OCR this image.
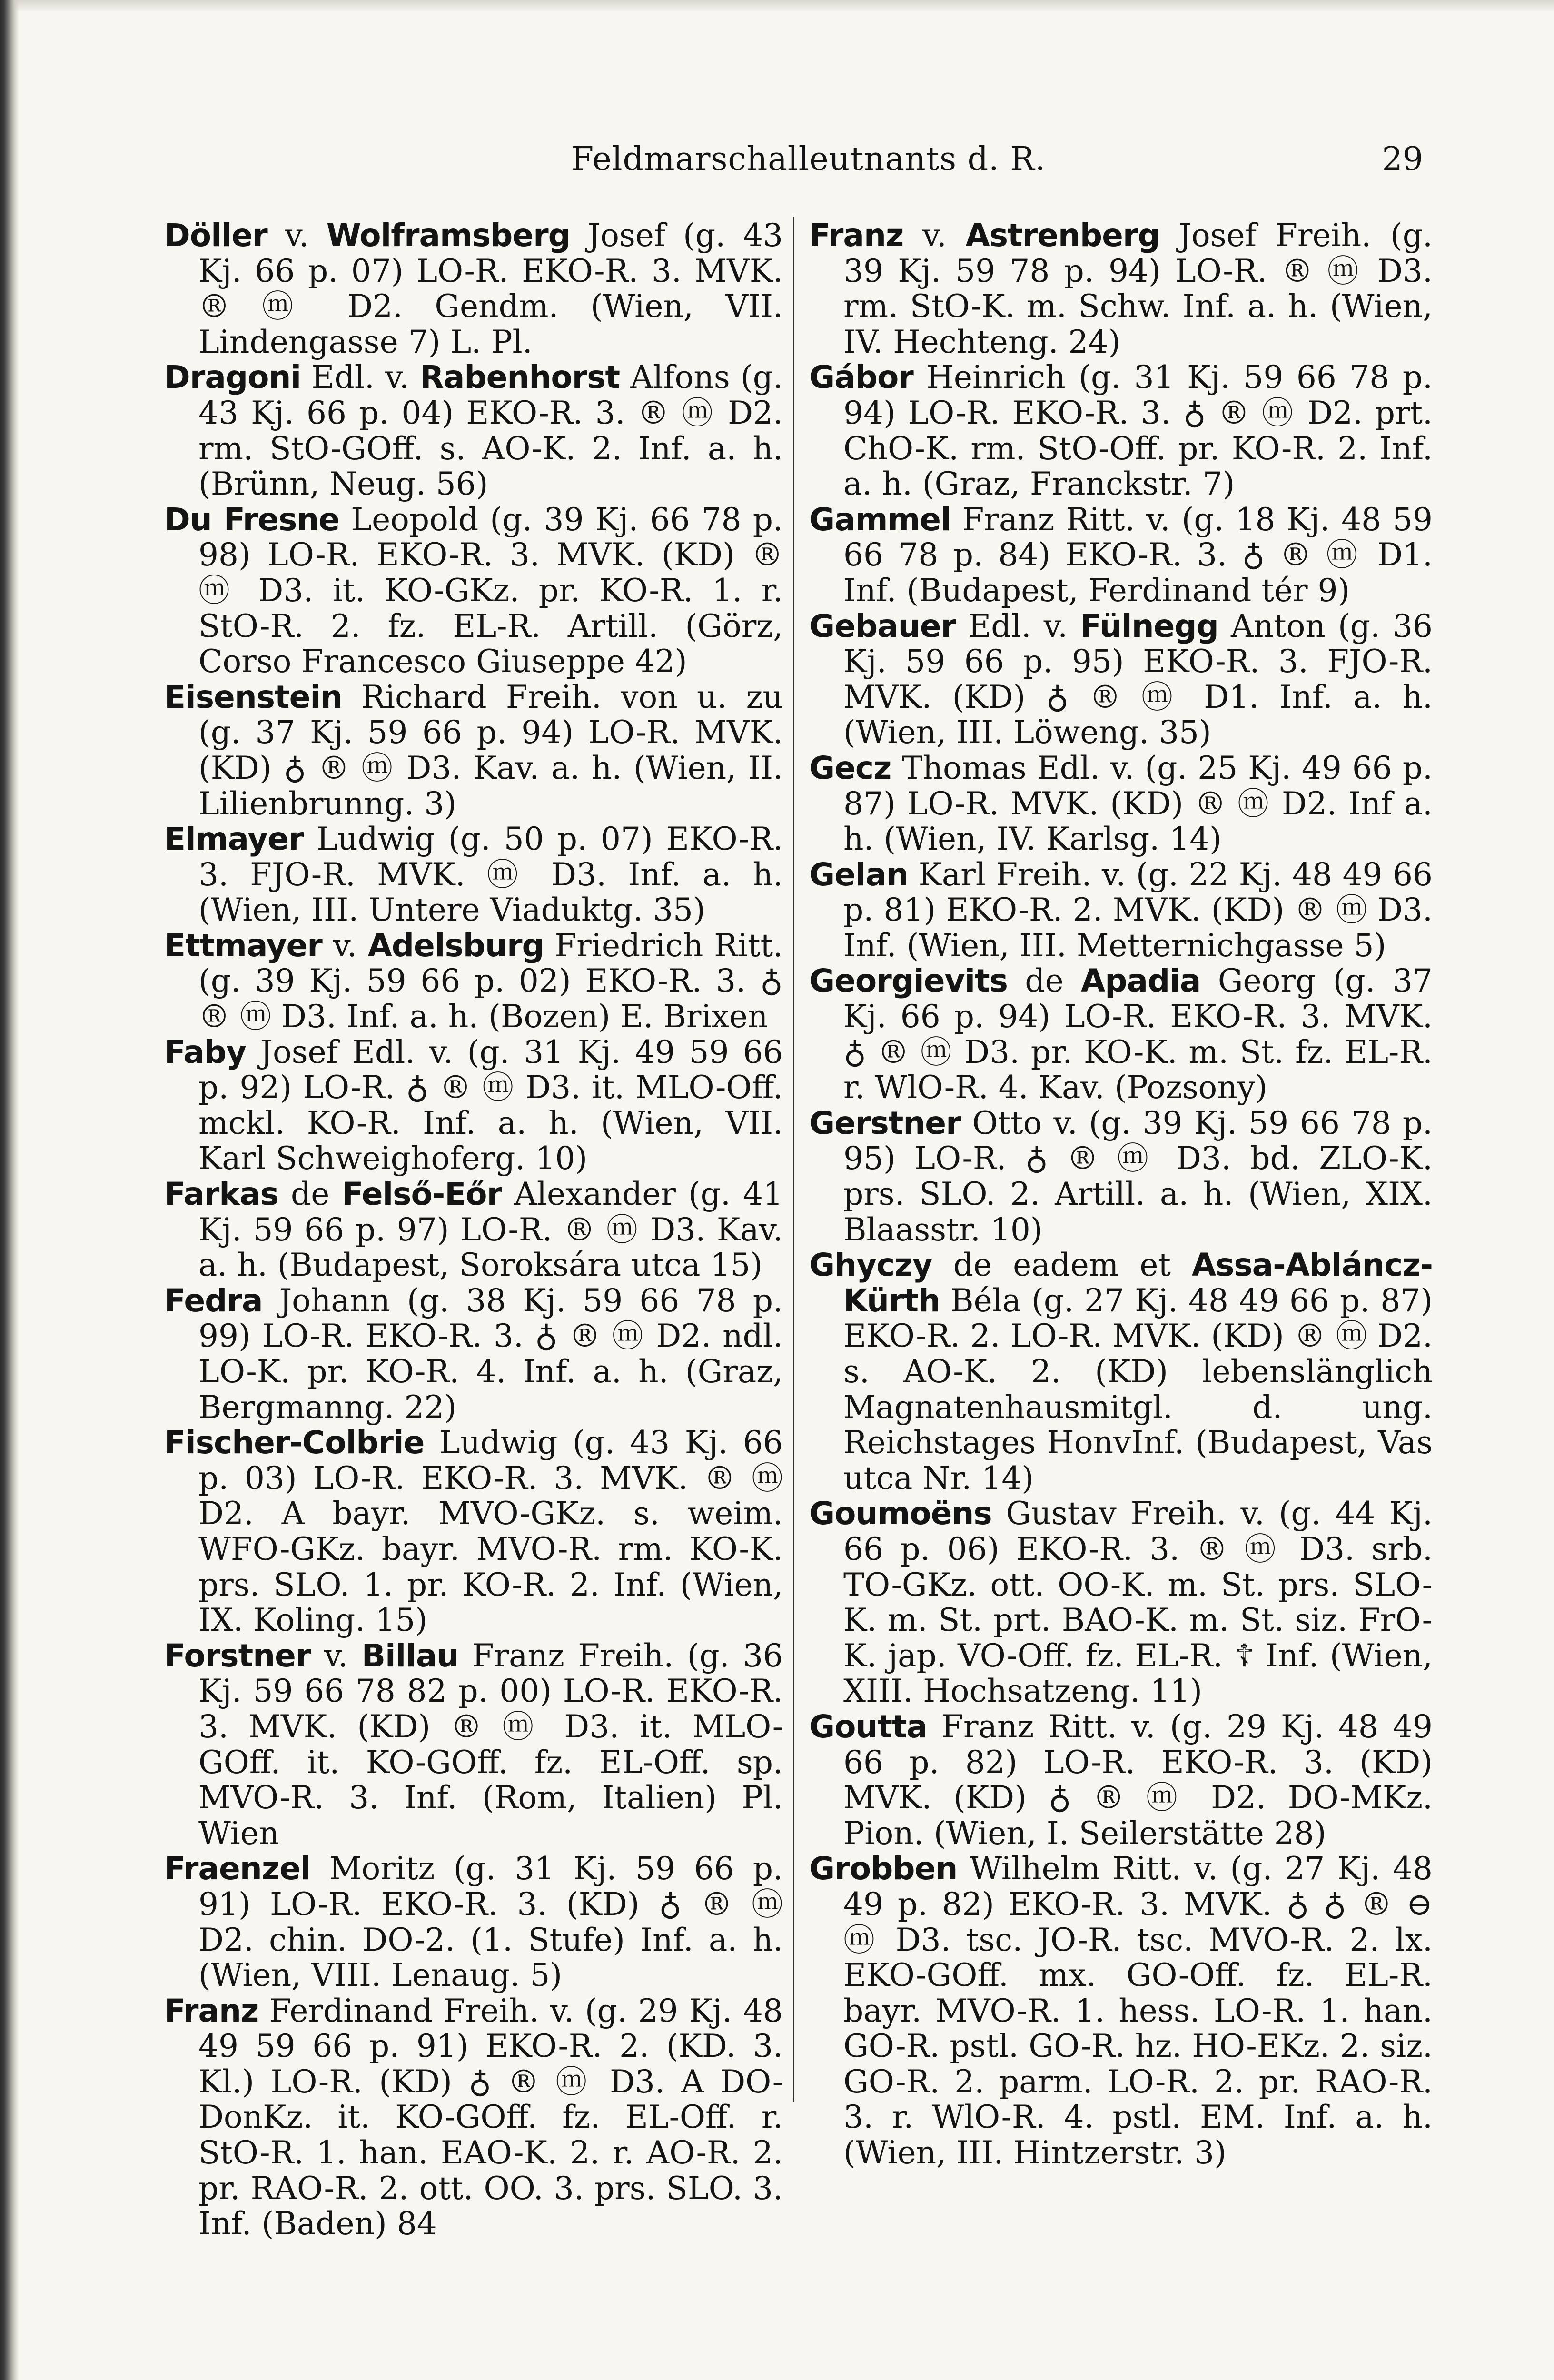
Feldmarschalleutnants d. R.	29

Döller v. Wolframsberg Josef (g. 43 Kj. 66 p. 07) LO-R. EKO-R. 3. MVK. ® ⓜ D2. Gendm. (Wien, VII. Lindengasse 7) L. Pl.

Dragoni Edl. v. Rabenhorst Alfons (g. 43 Kj. 66 p. 04) EKO-R. 3. ® ⓜ D2. rm. StO-GOff. s. AO-K. 2. Inf. a. h. (Brünn, Neug. 56)

Du Fresne Leopold (g. 39 Kj. 66 78 p. 98) LO-R. EKO-R. 3. MVK. (KD) ® ⓜ D3. it. KO-GKz. pr. KO-R. 1. r. StO-R. 2. fz. EL-R. Artill. (Görz, Corso Francesco Giuseppe 42)

Eisenstein Richard Freih. von u. zu (g. 37 Kj. 59 66 p. 94) LO-R. MVK. (KD) ♁ ® ⓜ D3. Kav. a. h. (Wien, II. Lilienbrunng. 3)

Elmayer Ludwig (g. 50 p. 07) EKO-R. 3. FJO-R. MVK. ⓜ D3. Inf. a. h. (Wien, III. Untere Viaduktg. 35)

Ettmayer v. Adelsburg Friedrich Ritt. (g. 39 Kj. 59 66 p. 02) EKO-R. 3. ♁ ® ⓜ D3. Inf. a. h. (Bozen) E. Brixen

Faby Josef Edl. v. (g. 31 Kj. 49 59 66 p. 92) LO-R. ♁ ® ⓜ D3. it. MLO-Off. mckl. KO-R. Inf. a. h. (Wien, VII. Karl Schweighoferg. 10)

Farkas de Felső-Eőr Alexander (g. 41 Kj. 59 66 p. 97) LO-R. ® ⓜ D3. Kav. a. h. (Budapest, Soroksára utca 15)

Fedra Johann (g. 38 Kj. 59 66 78 p. 99) LO-R. EKO-R. 3. ♁ ® ⓜ D2. ndl. LO-K. pr. KO-R. 4. Inf. a. h. (Graz, Bergmanng. 22)

Fischer-Colbrie Ludwig (g. 43 Kj. 66 p. 03) LO-R. EKO-R. 3. MVK. ® ⓜ D2. A bayr. MVO-GKz. s. weim. WFO-GKz. bayr. MVO-R. rm. KO-K. prs. SLO. 1. pr. KO-R. 2. Inf. (Wien, IX. Koling. 15)

Forstner v. Billau Franz Freih. (g. 36 Kj. 59 66 78 82 p. 00) LO-R. EKO-R. 3. MVK. (KD) ® ⓜ D3. it. MLO-GOff. it. KO-GOff. fz. EL-Off. sp. MVO-R. 3. Inf. (Rom, Italien) Pl. Wien

Fraenzel Moritz (g. 31 Kj. 59 66 p. 91) LO-R. EKO-R. 3. (KD) ♁ ® ⓜ D2. chin. DO-2. (1. Stufe) Inf. a. h. (Wien, VIII. Lenaug. 5)

Franz Ferdinand Freih. v. (g. 29 Kj. 48 49 59 66 p. 91) EKO-R. 2. (KD. 3. Kl.) LO-R. (KD) ♁ ® ⓜ D3. A DO-DonKz. it. KO-GOff. fz. EL-Off. r. StO-R. 1. han. EAO-K. 2. r. AO-R. 2. pr. RAO-R. 2. ott. OO. 3. prs. SLO. 3. Inf. (Baden) 84

Franz v. Astrenberg Josef Freih. (g. 39 Kj. 59 78 p. 94) LO-R. ® ⓜ D3. rm. StO-K. m. Schw. Inf. a. h. (Wien, IV. Hechteng. 24)

Gábor Heinrich (g. 31 Kj. 59 66 78 p. 94) LO-R. EKO-R. 3. ♁ ® ⓜ D2. prt. ChO-K. rm. StO-Off. pr. KO-R. 2. Inf. a. h. (Graz, Franckstr. 7)

Gammel Franz Ritt. v. (g. 18 Kj. 48 59 66 78 p. 84) EKO-R. 3. ♁ ® ⓜ D1. Inf. (Budapest, Ferdinand tér 9)

Gebauer Edl. v. Fülnegg Anton (g. 36 Kj. 59 66 p. 95) EKO-R. 3. FJO-R. MVK. (KD) ♁ ® ⓜ D1. Inf. a. h. (Wien, III. Löweng. 35)

Gecz Thomas Edl. v. (g. 25 Kj. 49 66 p. 87) LO-R. MVK. (KD) ® ⓜ D2. Inf a. h. (Wien, IV. Karlsg. 14)

Gelan Karl Freih. v. (g. 22 Kj. 48 49 66 p. 81) EKO-R. 2. MVK. (KD) ® ⓜ D3. Inf. (Wien, III. Metternichgasse 5)

Georgievits de Apadia Georg (g. 37 Kj. 66 p. 94) LO-R. EKO-R. 3. MVK. ♁ ® ⓜ D3. pr. KO-K. m. St. fz. EL-R. r. WlO-R. 4. Kav. (Pozsony)

Gerstner Otto v. (g. 39 Kj. 59 66 78 p. 95) LO-R. ♁ ® ⓜ D3. bd. ZLO-K. prs. SLO. 2. Artill. a. h. (Wien, XIX. Blaasstr. 10)

Ghyczy de eadem et Assa-Abláncz-Kürth Béla (g. 27 Kj. 48 49 66 p. 87) EKO-R. 2. LO-R. MVK. (KD) ® ⓜ D2. s. AO-K. 2. (KD) lebenslänglich Magnatenhausmitgl. d. ung. Reichstages HonvInf. (Budapest, Vas utca Nr. 14)

Goumoëns Gustav Freih. v. (g. 44 Kj. 66 p. 06) EKO-R. 3. ® ⓜ D3. srb. TO-GKz. ott. OO-K. m. St. prs. SLO-K. m. St. prt. BAO-K. m. St. siz. FrO-K. jap. VO-Off. fz. EL-R. ☦ Inf. (Wien, XIII. Hochsatzeng. 11)

Goutta Franz Ritt. v. (g. 29 Kj. 48 49 66 p. 82) LO-R. EKO-R. 3. (KD) MVK. (KD) ♁ ® ⓜ D2. DO-MKz. Pion. (Wien, I. Seilerstätte 28)

Grobben Wilhelm Ritt. v. (g. 27 Kj. 48 49 p. 82) EKO-R. 3. MVK. ♁ ♁ ® ⊖ ⓜ D3. tsc. JO-R. tsc. MVO-R. 2. lx. EKO-GOff. mx. GO-Off. fz. EL-R. bayr. MVO-R. 1. hess. LO-R. 1. han. GO-R. pstl. GO-R. hz. HO-EKz. 2. siz. GO-R. 2. parm. LO-R. 2. pr. RAO-R. 3. r. WlO-R. 4. pstl. EM. Inf. a. h. (Wien, III. Hintzerstr. 3)
